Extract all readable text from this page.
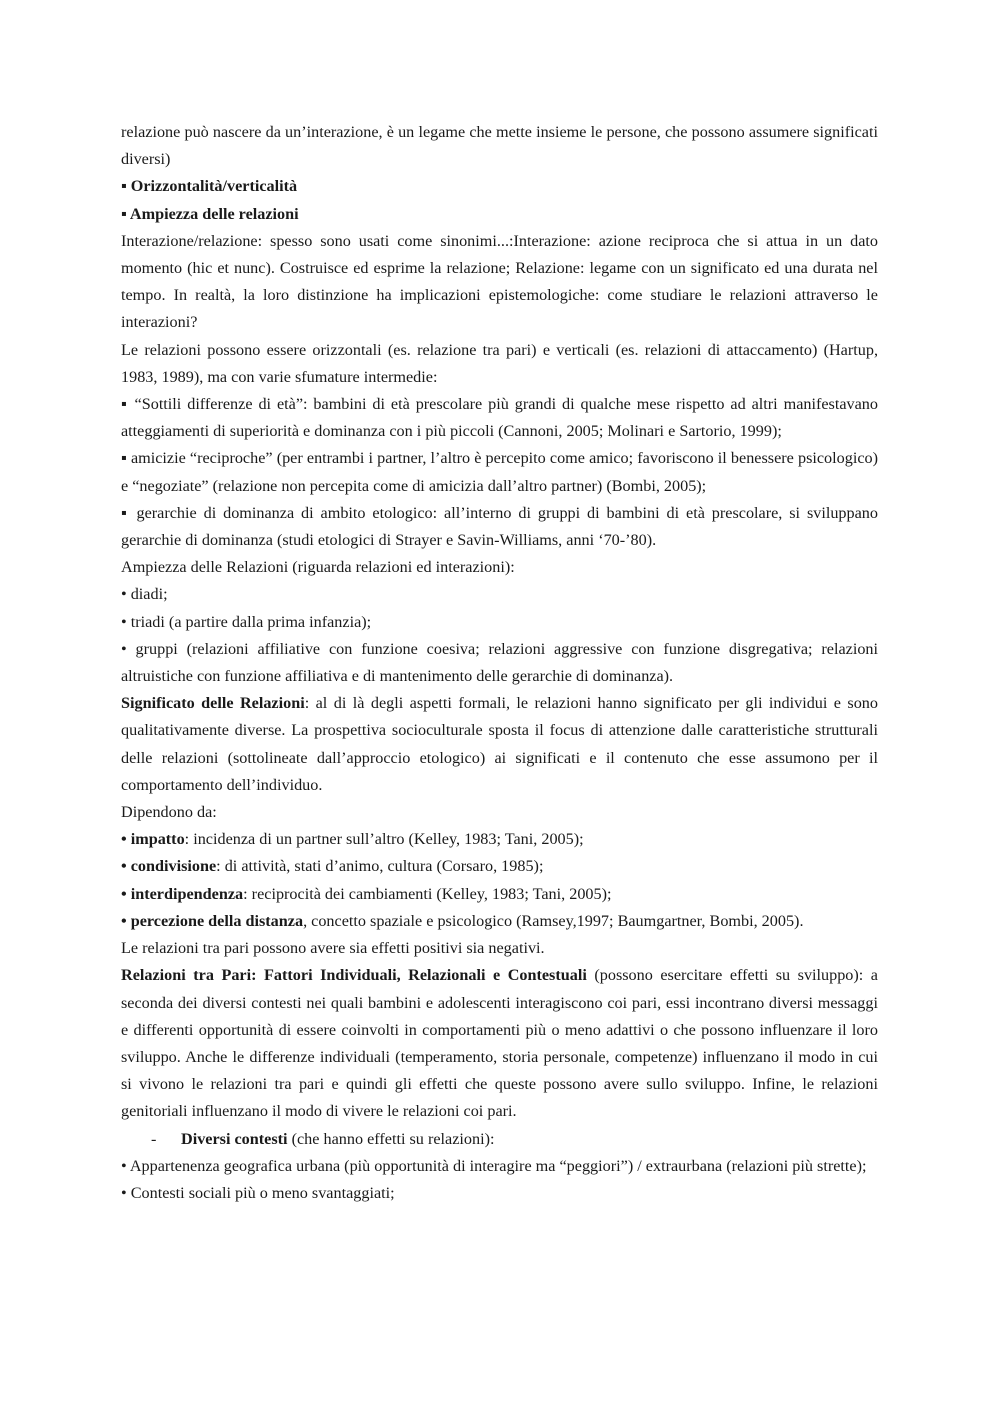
relazione può nascere da un’interazione, è un legame che mette insieme le persone, che possono assumere significati diversi)

▪ Orizzontalità/verticalità

▪ Ampiezza delle relazioni

Interazione/relazione: spesso sono usati come sinonimi...:Interazione: azione reciproca che si attua in un dato momento (hic et nunc). Costruisce ed esprime la relazione; Relazione: legame con un significato ed una durata nel tempo. In realtà, la loro distinzione ha implicazioni epistemologiche: come studiare le relazioni attraverso le interazioni?

Le relazioni possono essere orizzontali (es. relazione tra pari) e verticali (es. relazioni di attaccamento) (Hartup, 1983, 1989), ma con varie sfumature intermedie:

▪ “Sottili differenze di età”: bambini di età prescolare più grandi di qualche mese rispetto ad altri manifestavano atteggiamenti di superiorità e dominanza con i più piccoli (Cannoni, 2005; Molinari e Sartorio, 1999);

▪ amicizie “reciproche” (per entrambi i partner, l’altro è percepito come amico; favoriscono il benessere psicologico) e “negoziate” (relazione non percepita come di amicizia dall’altro partner) (Bombi, 2005);

▪ gerarchie di dominanza di ambito etologico: all’interno di gruppi di bambini di età prescolare, si sviluppano gerarchie di dominanza (studi etologici di Strayer e Savin-Williams, anni ‘70-’80).

Ampiezza delle Relazioni (riguarda relazioni ed interazioni):

• diadi;

• triadi (a partire dalla prima infanzia);

• gruppi (relazioni affiliative con funzione coesiva; relazioni aggressive con funzione disgregativa; relazioni altruistiche con funzione affiliativa e di mantenimento delle gerarchie di dominanza).

Significato delle Relazioni: al di là degli aspetti formali, le relazioni hanno significato per gli individui e sono qualitativamente diverse. La prospettiva socioculturale sposta il focus di attenzione dalle caratteristiche strutturali delle relazioni (sottolineate dall’approccio etologico) ai significati e il contenuto che esse assumono per il comportamento dell’individuo.

Dipendono da:

• impatto: incidenza di un partner sull’altro (Kelley, 1983; Tani, 2005);

• condivisione: di attività, stati d’animo, cultura (Corsaro, 1985);

• interdipendenza: reciprocità dei cambiamenti (Kelley, 1983; Tani, 2005);

• percezione della distanza, concetto spaziale e psicologico (Ramsey,1997; Baumgartner, Bombi, 2005).

Le relazioni tra pari possono avere sia effetti positivi sia negativi.

Relazioni tra Pari: Fattori Individuali, Relazionali e Contestuali (possono esercitare effetti su sviluppo): a seconda dei diversi contesti nei quali bambini e adolescenti interagiscono coi pari, essi incontrano diversi messaggi e differenti opportunità di essere coinvolti in comportamenti più o meno adattivi o che possono influenzare il loro sviluppo. Anche le differenze individuali (temperamento, storia personale, competenze) influenzano il modo in cui si vivono le relazioni tra pari e quindi gli effetti che queste possono avere sullo sviluppo. Infine, le relazioni genitoriali influenzano il modo di vivere le relazioni coi pari.

- Diversi contesti (che hanno effetti su relazioni):

• Appartenenza geografica urbana (più opportunità di interagire ma “peggiori”) / extraurbana (relazioni più strette);

• Contesti sociali più o meno svantaggiati;
